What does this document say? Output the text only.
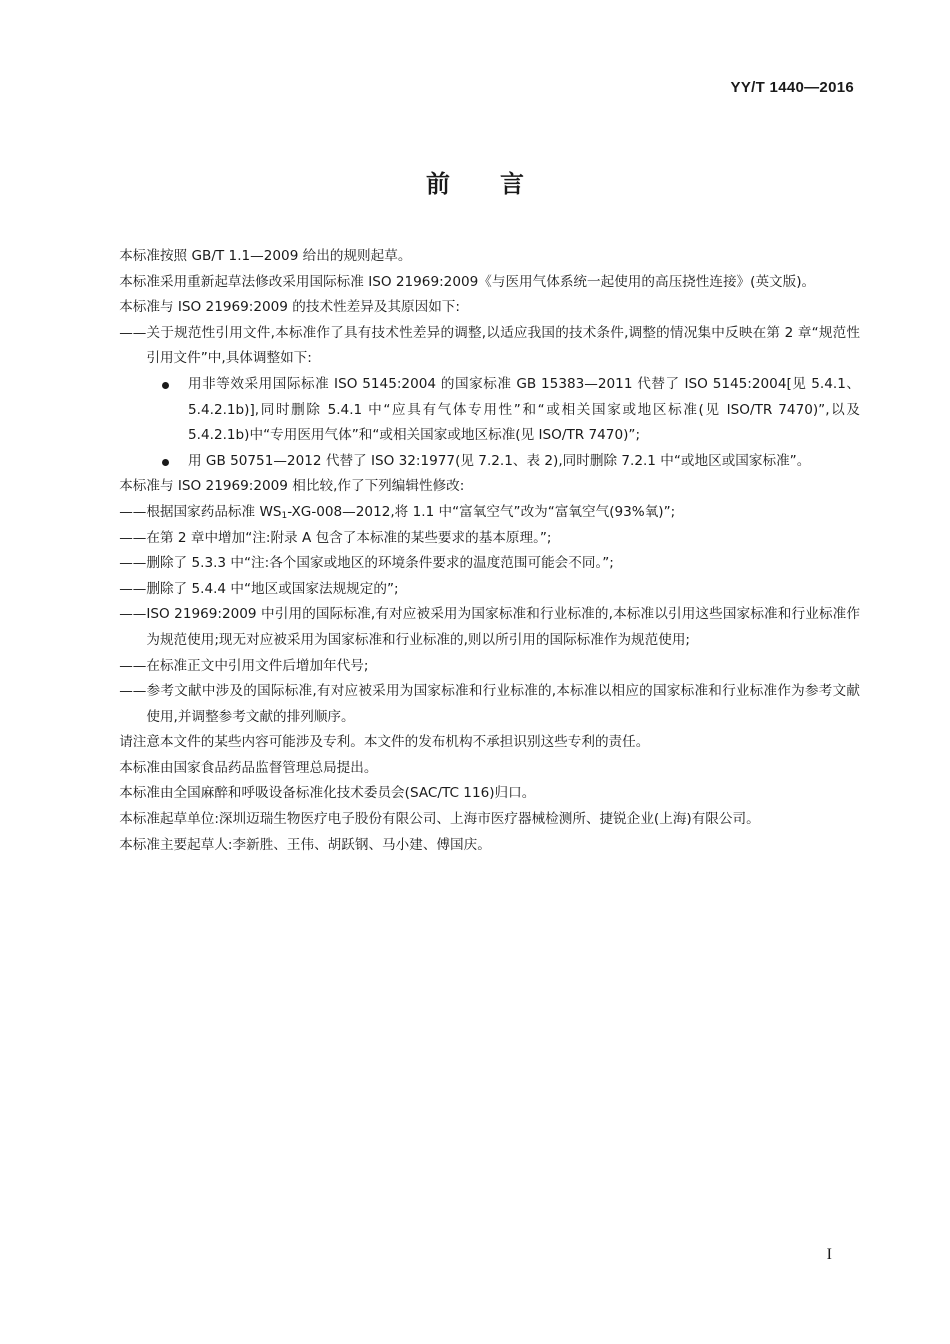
YY/T 1440—2016
前言

本标准按照 GB/T 1.1—2009 给出的规则起草。

本标准采用重新起草法修改采用国际标准 ISO 21969:2009《与医用气体系统一起使用的高压挠性连接》(英文版)。

本标准与 ISO 21969:2009 的技术性差异及其原因如下:

——关于规范性引用文件,本标准作了具有技术性差异的调整,以适应我国的技术条件,调整的情况集中反映在第 2 章“规范性引用文件”中,具体调整如下:

用非等效采用国际标准 ISO 5145:2004 的国家标准 GB 15383—2011 代替了 ISO 5145:2004[见 5.4.1、5.4.2.1b)],同时删除 5.4.1 中“应具有气体专用性”和“或相关国家或地区标准(见 ISO/TR 7470)”,以及 5.4.2.1b)中“专用医用气体”和“或相关国家或地区标准(见 ISO/TR 7470)”;
用 GB 50751—2012 代替了 ISO 32:1977(见 7.2.1、表 2),同时删除 7.2.1 中“或地区或国家标准”。

本标准与 ISO 21969:2009 相比较,作了下列编辑性修改:

——根据国家药品标准 $WS_1-XG-008—2012$,将 1.1 中“富氧空气”改为“富氧空气(93%氧)”;

——在第 2 章中增加“注:附录 A 包含了本标准的某些要求的基本原理。”;

——删除了 5.3.3 中“注:各个国家或地区的环境条件要求的温度范围可能会不同。”;

——删除了 5.4.4 中“地区或国家法规规定的”;

——ISO 21969:2009 中引用的国际标准,有对应被采用为国家标准和行业标准的,本标准以引用这些国家标准和行业标准作为规范使用;现无对应被采用为国家标准和行业标准的,则以所引用的国际标准作为规范使用;

——在标准正文中引用文件后增加年代号;

——参考文献中涉及的国际标准,有对应被采用为国家标准和行业标准的,本标准以相应的国家标准和行业标准作为参考文献使用,并调整参考文献的排列顺序。

请注意本文件的某些内容可能涉及专利。本文件的发布机构不承担识别这些专利的责任。

本标准由国家食品药品监督管理总局提出。

本标准由全国麻醉和呼吸设备标准化技术委员会(SAC/TC 116)归口。

本标准起草单位:深圳迈瑞生物医疗电子股份有限公司、上海市医疗器械检测所、捷锐企业(上海)有限公司。

本标准主要起草人:李新胜、王伟、胡跃钢、马小建、傅国庆。

I
